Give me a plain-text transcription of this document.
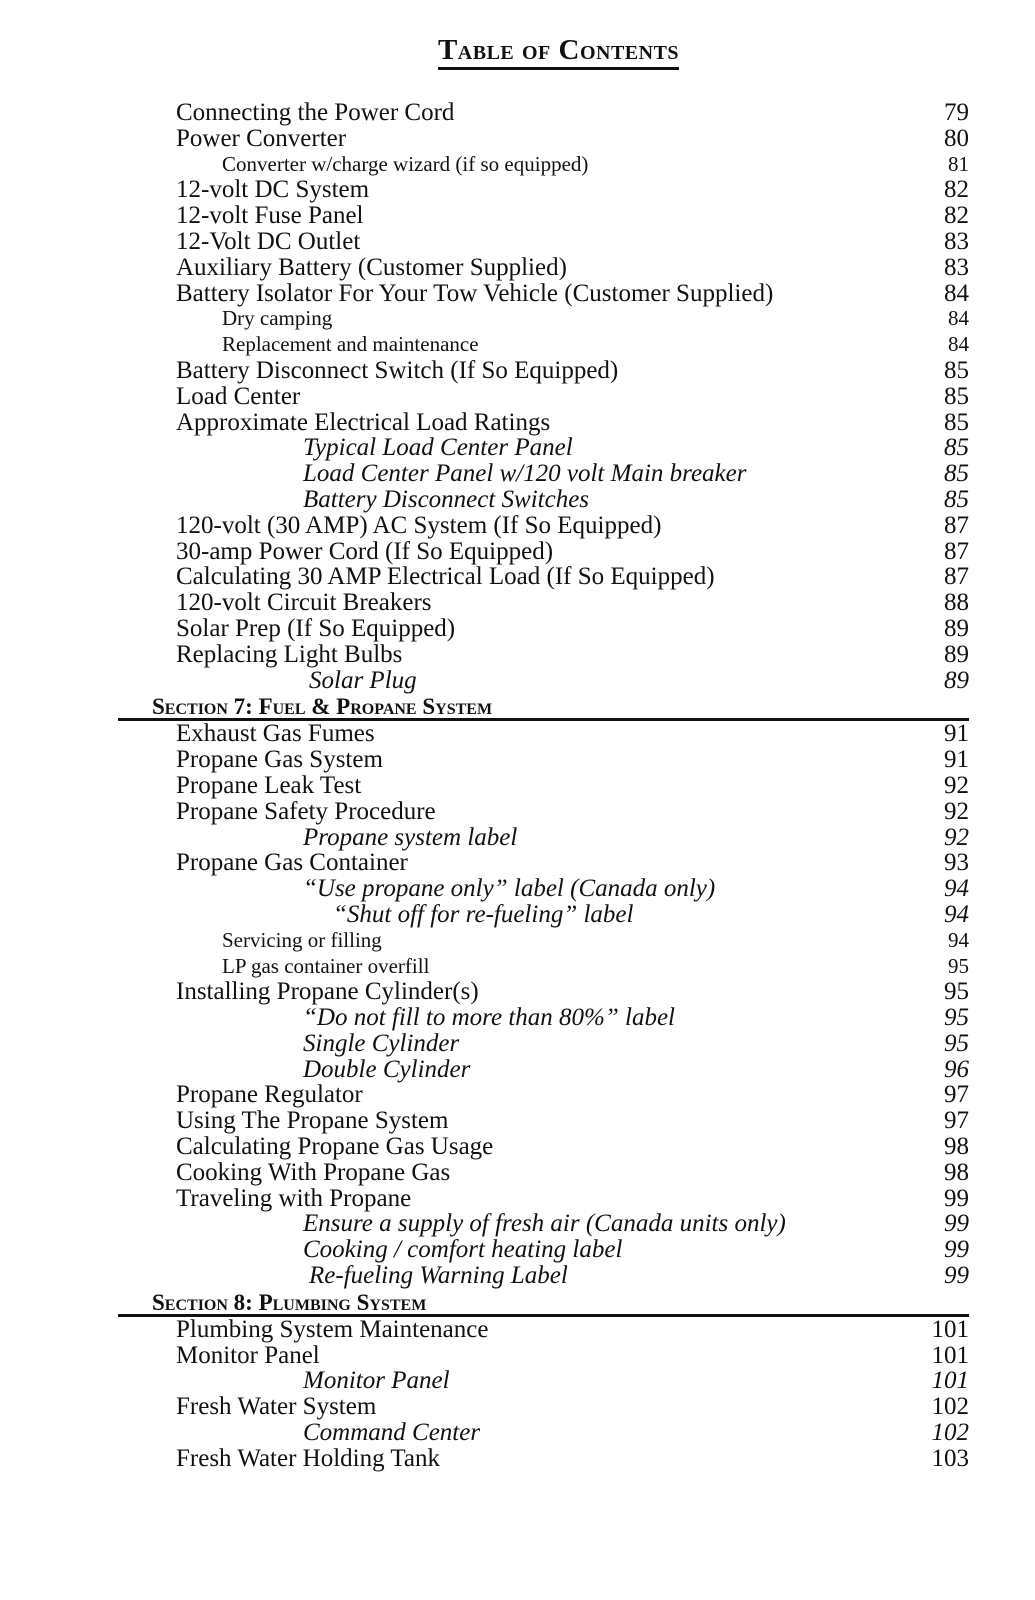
Table of Contents
Connecting the Power Cord	79
Power Converter	80
Converter w/charge wizard (if so equipped)	81
12-volt DC System	82
12-volt Fuse Panel	82
12-Volt DC Outlet	83
Auxiliary Battery (Customer Supplied)	83
Battery Isolator For Your Tow Vehicle (Customer Supplied)	84
Dry camping	84
Replacement and maintenance	84
Battery Disconnect Switch (If So Equipped)	85
Load Center	85
Approximate Electrical Load Ratings	85
Typical Load Center Panel	85
Load Center Panel w/120 volt Main breaker	85
Battery Disconnect Switches	85
120-volt (30 AMP) AC System (If So Equipped)	87
30-amp Power Cord (If So Equipped)	87
Calculating 30 AMP Electrical Load (If So Equipped)	87
120-volt Circuit Breakers	88
Solar Prep (If So Equipped)	89
Replacing Light Bulbs	89
Solar Plug	89
Section 7: Fuel & Propane System
Exhaust Gas Fumes	91
Propane Gas System	91
Propane Leak Test	92
Propane Safety Procedure	92
Propane system label	92
Propane Gas Container	93
“Use propane only” label (Canada only)	94
“Shut off for re-fueling” label	94
Servicing or filling	94
LP gas container overfill	95
Installing Propane Cylinder(s)	95
“Do not fill to more than 80%” label	95
Single Cylinder	95
Double Cylinder	96
Propane Regulator	97
Using The Propane System	97
Calculating Propane Gas Usage	98
Cooking With Propane Gas	98
Traveling with Propane	99
Ensure a supply of fresh air (Canada units only)	99
Cooking / comfort heating label	99
Re-fueling Warning Label	99
Section 8: Plumbing System
Plumbing System Maintenance	101
Monitor Panel	101
Monitor Panel	101
Fresh Water System	102
Command Center	102
Fresh Water Holding Tank	103
